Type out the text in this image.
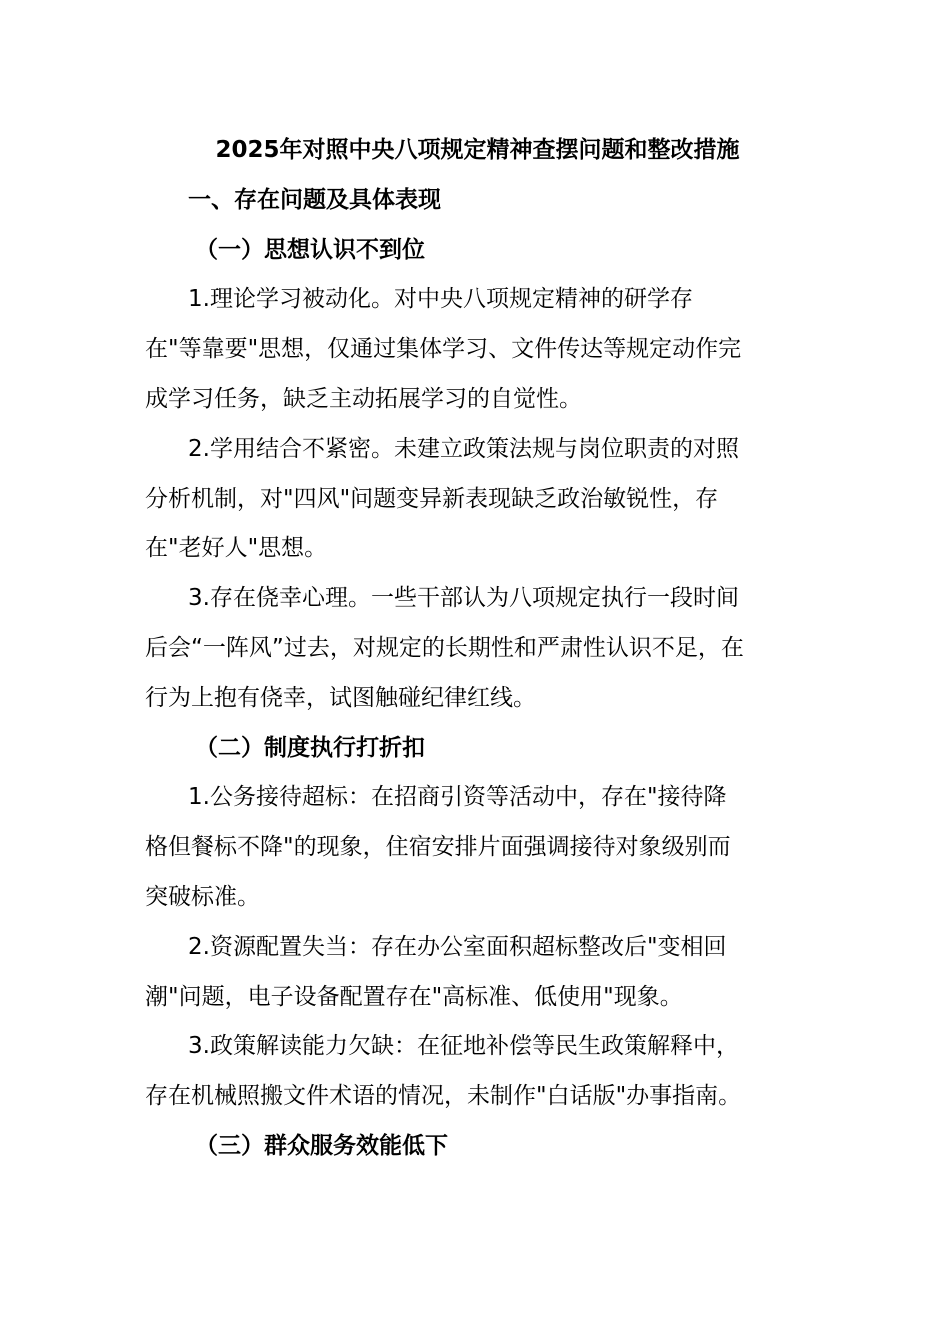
2025年对照中央八项规定精神查摆问题和整改措施
一、存在问题及具体表现
（一）思想认识不到位

1.理论学习被动化。对中央八项规定精神的研学存
在"等靠要"思想，仅通过集体学习、文件传达等规定动作完
成学习任务，缺乏主动拓展学习的自觉性。

2.学用结合不紧密。未建立政策法规与岗位职责的对照
分析机制，对"四风"问题变异新表现缺乏政治敏锐性，存
在"老好人"思想。

3.存在侥幸心理。一些干部认为八项规定执行一段时间
后会“一阵风”过去，对规定的长期性和严肃性认识不足，在
行为上抱有侥幸，试图触碰纪律红线。

（二）制度执行打折扣

1.公务接待超标：在招商引资等活动中，存在"接待降
格但餐标不降"的现象，住宿安排片面强调接待对象级别而
突破标准。

2.资源配置失当：存在办公室面积超标整改后"变相回
潮"问题，电子设备配置存在"高标准、低使用"现象。

3.政策解读能力欠缺：在征地补偿等民生政策解释中，
存在机械照搬文件术语的情况，未制作"白话版"办事指南。

（三）群众服务效能低下
